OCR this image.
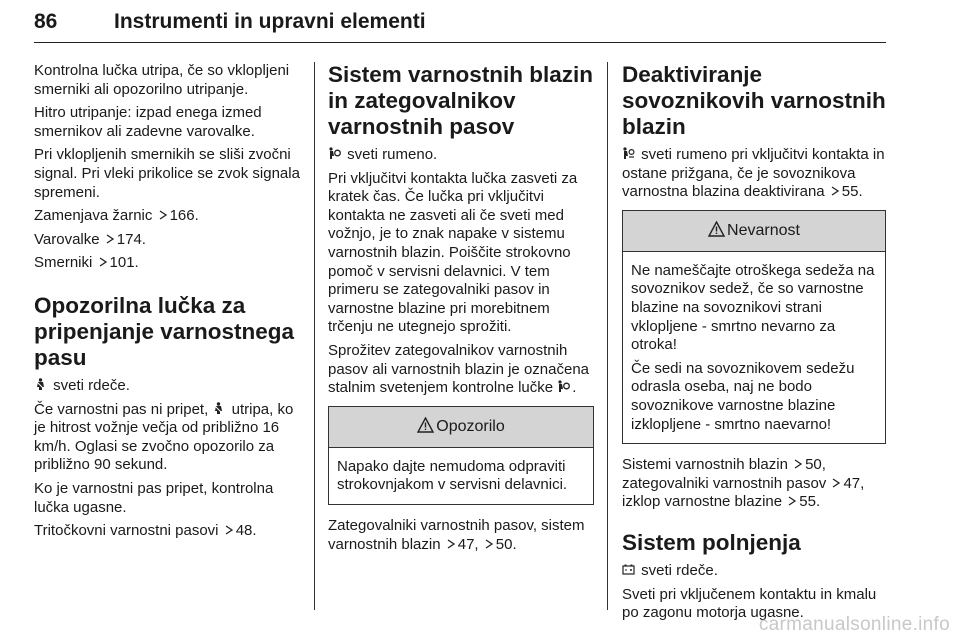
86	Instrumenti in upravni elementi

Kontrolna lučka utripa, če so vklopljeni smerniki ali opozorilno utripanje.

Hitro utripanje: izpad enega izmed smernikov ali zadevne varovalke.

Pri vklopljenih smernikih se sliši zvočni signal. Pri vleki prikolice se zvok signala spremeni.

Zamenjava žarnic 166.

Varovalke 174.

Smerniki 101.

Opozorilna lučka za pripenjanje varnostnega pasu

sveti rdeče.

Če varnostni pas ni pripet, utripa, ko je hitrost vožnje večja od približno 16 km/h. Oglasi se zvočno opozorilo za približno 90 sekund.

Ko je varnostni pas pripet, kontrolna lučka ugasne.

Tritočkovni varnostni pasovi 48.

Sistem varnostnih blazin in zategovalnikov varnostnih pasov

sveti rumeno.

Pri vključitvi kontakta lučka zasveti za kratek čas. Če lučka pri vključitvi kontakta ne zasveti ali če sveti med vožnjo, je to znak napake v sistemu varnostnih blazin. Poiščite strokovno pomoč v servisni delavnici. V tem primeru se zategovalniki pasov in varnostne blazine pri morebitnem trčenju ne utegnejo sprožiti.

Sprožitev zategovalnikov varnostnih pasov ali varnostnih blazin je označena stalnim svetenjem kontrolne lučke .

Opozorilo

Napako dajte nemudoma odpraviti strokovnjakom v servisni delavnici.

Zategovalniki varnostnih pasov, sistem varnostnih blazin 47, 50.

Deaktiviranje sovoznikovih varnostnih blazin

sveti rumeno pri vključitvi kontakta in ostane prižgana, če je sovoznikova varnostna blazina deaktivirana 55.

Nevarnost

Ne nameščajte otroškega sedeža na sovoznikov sedež, če so varnostne blazine na sovoznikovi strani vklopljene - smrtno nevarno za otroka!

Če sedi na sovoznikovem sedežu odrasla oseba, naj ne bodo sovoznikove varnostne blazine izklopljene - smrtno naevarno!

Sistemi varnostnih blazin 50, zategovalniki varnostnih pasov 47, izklop varnostne blazine 55.

Sistem polnjenja

sveti rdeče.

Sveti pri vključenem kontaktu in kmalu po zagonu motorja ugasne.

carmanualsonline.info
